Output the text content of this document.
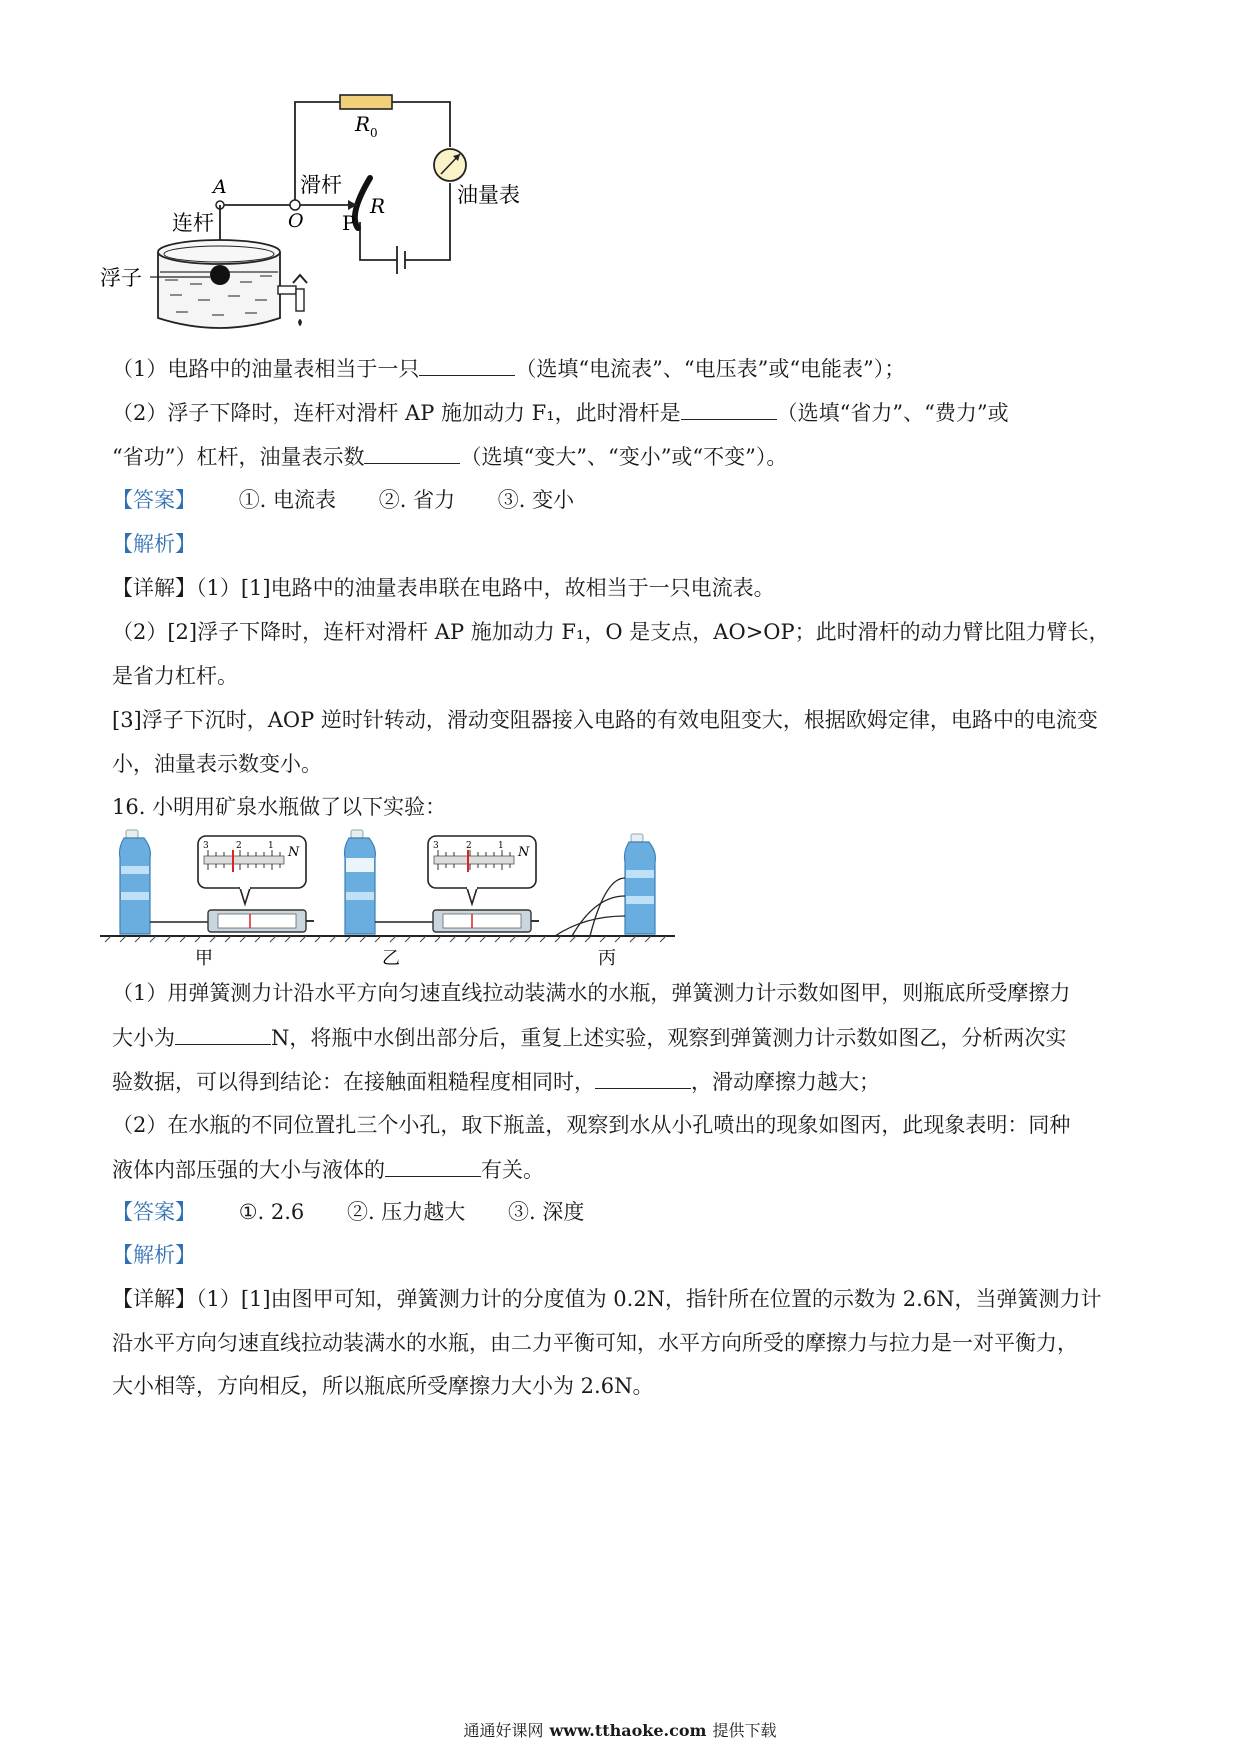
R 0
油量表
R
P
A
O
滑杆
连杆
浮子
（1）电路中的油量表相当于一只	（选填“电流表”、“电压表”或“电能表”）；
（2）浮子下降时，连杆对滑杆 AP 施加动力 F₁，此时滑杆是	（选填“省力”、“费力”或
“省功”）杠杆，油量表示数	（选填“变大”、“变小”或“不变”）。
【答案】 ①. 电流表 ②. 省力 ③. 变小
【解析】
【详解】（1）[1]电路中的油量表串联在电路中，故相当于一只电流表。
（2）[2]浮子下降时，连杆对滑杆 AP 施加动力 F₁，O 是支点，AO>OP；此时滑杆的动力臂比阻力臂长，
是省力杠杆。
[3]浮子下沉时，AOP 逆时针转动，滑动变阻器接入电路的有效电阻变大，根据欧姆定律，电路中的电流变
小，油量表示数变小。
16. 小明用矿泉水瓶做了以下实验：
3	2	1 N
甲
3	2	1 N
乙	丙
（1）用弹簧测力计沿水平方向匀速直线拉动装满水的水瓶，弹簧测力计示数如图甲，则瓶底所受摩擦力
大小为	N，将瓶中水倒出部分后，重复上述实验，观察到弹簧测力计示数如图乙，分析两次实
验数据，可以得到结论：在接触面粗糙程度相同时，	，滑动摩擦力越大；
（2）在水瓶的不同位置扎三个小孔，取下瓶盖，观察到水从小孔喷出的现象如图丙，此现象表明：同种
液体内部压强的大小与液体的	有关。
【答案】 ①. 2.6 ②. 压力越大 ③. 深度
【解析】
【详解】（1）[1]由图甲可知，弹簧测力计的分度值为 0.2N，指针所在位置的示数为 2.6N，当弹簧测力计
沿水平方向匀速直线拉动装满水的水瓶，由二力平衡可知，水平方向所受的摩擦力与拉力是一对平衡力，
大小相等，方向相反，所以瓶底所受摩擦力大小为 2.6N。
通通好课网 www.tthaoke.com 提供下载
